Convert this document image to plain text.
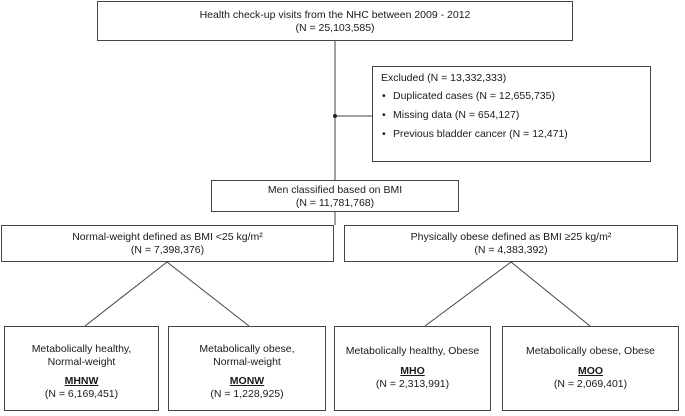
Health check-up visits from the NHC between 2009 - 2012
(N = 25,103,585)
Excluded (N = 13,332,333)
• Duplicated cases (N = 12,655,735)
• Missing data (N = 654,127)
• Previous bladder cancer (N = 12,471)
Men classified based on BMI
(N = 11,781,768)
Normal-weight defined as BMI <25 kg/m²
(N = 7,398,376)
Physically obese defined as BMI ≥25 kg/m²
(N = 4,383,392)
Metabolically healthy,
Normal-weight
MHNW
(N = 6,169,451)
Metabolically obese,
Normal-weight
MONW
(N = 1,228,925)
Metabolically healthy, Obese
MHO
(N = 2,313,991)
Metabolically obese, Obese
MOO
(N = 2,069,401)
